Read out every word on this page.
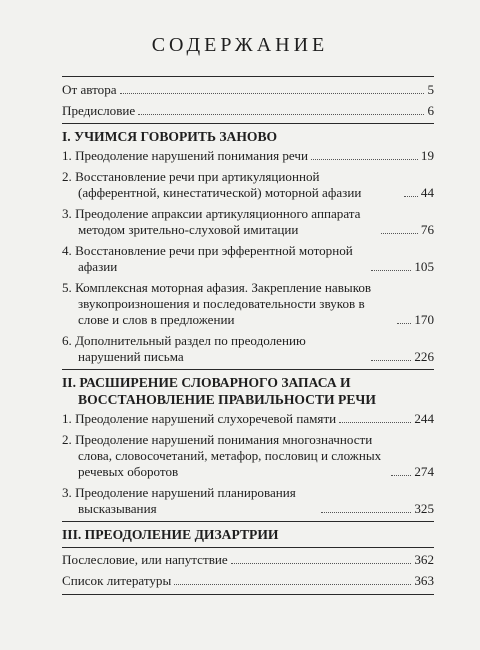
СОДЕРЖАНИЕ
От автора	5
Предисловие	6
I. УЧИМСЯ ГОВОРИТЬ ЗАНОВО
1. Преодоление нарушений понимания речи	19
2. Восстановление речи при артикуляционной (афферентной, кинестатической) моторной афазии	44
3. Преодоление апраксии артикуляционного аппарата методом зрительно-слуховой имитации	76
4. Восстановление речи при эфферентной моторной афазии	105
5. Комплексная моторная афазия. Закрепление навыков звукопроизношения и последовательности звуков в слове и слов в предложении	170
6. Дополнительный раздел по преодолению нарушений письма	226
II. РАСШИРЕНИЕ СЛОВАРНОГО ЗАПАСА И ВОССТАНОВЛЕНИЕ ПРАВИЛЬНОСТИ РЕЧИ
1. Преодоление нарушений слухоречевой памяти	244
2. Преодоление нарушений понимания многозначности слова, словосочетаний, метафор, пословиц и сложных речевых оборотов	274
3. Преодоление нарушений планирования высказывания	325
III. ПРЕОДОЛЕНИЕ ДИЗАРТРИИ
Послесловие, или напутствие	362
Список литературы	363
